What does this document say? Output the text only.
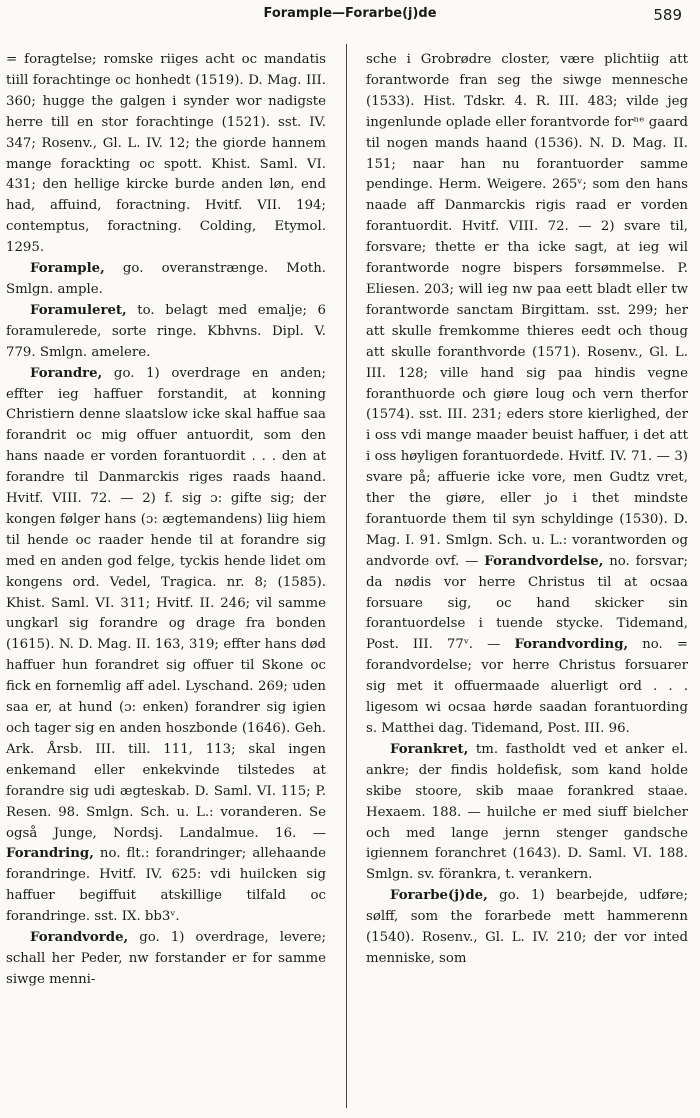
Forample—Forarbe(j)de	589

= foragtelse; romske riiges acht oc mandatis tiill forachtinge oc honhedt (1519). D. Mag. III. 360; hugge the galgen i synder wor nadigste herre till en stor forachtinge (1521). sst. IV. 347; Rosenv., Gl. L. IV. 12; the giorde hannem mange forackting oc spott. Khist. Saml. VI. 431; den hellige kircke burde anden løn, end had, affuind, foractning. Hvitf. VII. 194; contemptus, foractning. Colding, Etymol. 1295.

Forample, go. overanstrænge. Moth. Smlgn. ample.

Foramuleret, to. belagt med emalje; 6 foramulerede, sorte ringe. Kbhvns. Dipl. V. 779. Smlgn. amelere.

Forandre, go. 1) overdrage en anden; effter ieg haffuer forstandit, at konning Christiern denne slaatslow icke skal haffue saa forandrit oc mig offuer antuordit, som den hans naade er vorden forantuordit . . . den at forandre til Danmarckis riges raads haand. Hvitf. VIII. 72. — 2) f. sig ɔ: gifte sig; der kongen følger hans (ɔ: ægtemandens) liig hiem til hende oc raader hende til at forandre sig med en anden god felge, tyckis hende lidet om kongens ord. Vedel, Tragica. nr. 8; (1585). Khist. Saml. VI. 311; Hvitf. II. 246; vil samme ungkarl sig forandre og drage fra bonden (1615). N. D. Mag. II. 163, 319; effter hans død haffuer hun forandret sig offuer til Skone oc fick en fornemlig aff adel. Lyschand. 269; uden saa er, at hund (ɔ: enken) forandrer sig igien och tager sig en anden hoszbonde (1646). Geh. Ark. Årsb. III. till. 111, 113; skal ingen enkemand eller enkekvinde tilstedes at forandre sig udi ægteskab. D. Saml. VI. 115; P. Resen. 98. Smlgn. Sch. u. L.: voranderen. Se også Junge, Nordsj. Landalmue. 16. — Forandring, no. flt.: forandringer; allehaande forandringe. Hvitf. IV. 625: vdi huilcken sig haffuer begiffuit atskillige tilfald oc forandringe. sst. IX. bb3ᵛ.

Forandvorde, go. 1) overdrage, levere; schall her Peder, nw forstander er for samme siwge menni-

sche i Grobrødre closter, være plichtiig att forantworde fran seg the siwge mennesche (1533). Hist. Tdskr. 4. R. III. 483; vilde jeg ingenlunde oplade eller forantvorde forⁿᵉ gaard til nogen mands haand (1536). N. D. Mag. II. 151; naar han nu forantuorder samme pendinge. Herm. Weigere. 265ᵛ; som den hans naade aff Danmarckis rigis raad er vorden forantuordit. Hvitf. VIII. 72. — 2) svare til, forsvare; thette er tha icke sagt, at ieg wil forantworde nogre bispers forsømmelse. P. Eliesen. 203; will ieg nw paa eett bladt eller tw forantworde sanctam Birgittam. sst. 299; her att skulle fremkomme thieres eedt och thoug att skulle foranthvorde (1571). Rosenv., Gl. L. III. 128; ville hand sig paa hindis vegne foranthuorde och giøre loug och vern therfor (1574). sst. III. 231; eders store kierlighed, der i oss vdi mange maader beuist haffuer, i det att i oss høyligen forantuordede. Hvitf. IV. 71. — 3) svare på; affuerie icke vore, men Gudtz vret, ther the giøre, eller jo i thet mindste forantuorde them til syn schyldinge (1530). D. Mag. I. 91. Smlgn. Sch. u. L.: vorantworden og andvorde ovf. — Forandvordelse, no. forsvar; da nødis vor herre Christus til at ocsaa forsuare sig, oc hand skicker sin forantuordelse i tuende stycke. Tidemand, Post. III. 77ᵛ. — Forandvording, no. = forandvordelse; vor herre Christus forsuarer sig met it offuermaade aluerligt ord . . . ligesom wi ocsaa hørde saadan forantuording s. Matthei dag. Tidemand, Post. III. 96.

Forankret, tm. fastholdt ved et anker el. ankre; der findis holdefisk, som kand holde skibe stoore, skib maae forankred staae. Hexaem. 188. — huilche er med siuff bielcher och med lange jernn stenger gandsche igiennem foranchret (1643). D. Saml. VI. 188. Smlgn. sv. förankra, t. verankern.

Forarbe(j)de, go. 1) bearbejde, udføre; sølff, som the forarbede mett hammerenn (1540). Rosenv., Gl. L. IV. 210; der vor inted menniske, som
